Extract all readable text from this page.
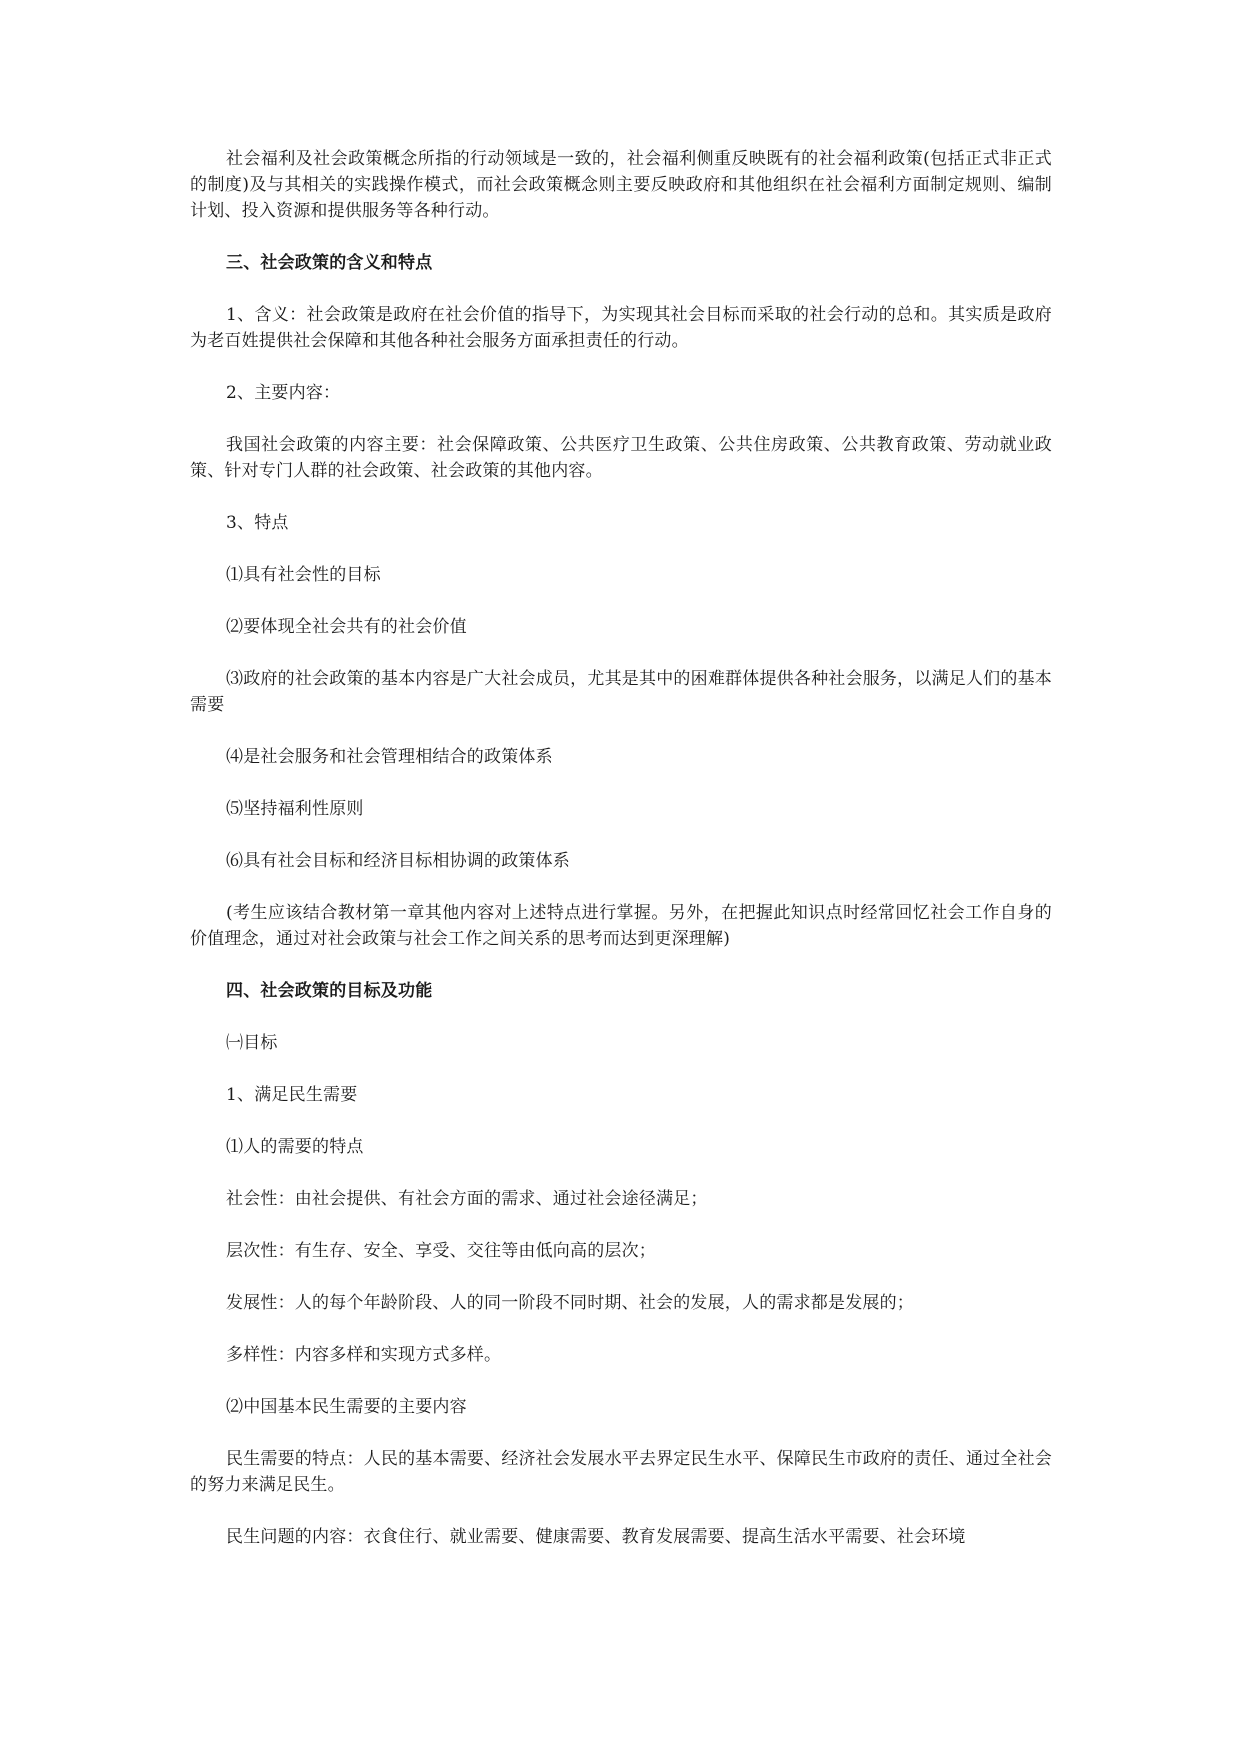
社会福利及社会政策概念所指的行动领域是一致的，社会福利侧重反映既有的社会福利政策(包括正式非正式的制度)及与其相关的实践操作模式，而社会政策概念则主要反映政府和其他组织在社会福利方面制定规则、编制计划、投入资源和提供服务等各种行动。

三、社会政策的含义和特点

1、含义：社会政策是政府在社会价值的指导下，为实现其社会目标而采取的社会行动的总和。其实质是政府为老百姓提供社会保障和其他各种社会服务方面承担责任的行动。

2、主要内容：

我国社会政策的内容主要：社会保障政策、公共医疗卫生政策、公共住房政策、公共教育政策、劳动就业政策、针对专门人群的社会政策、社会政策的其他内容。

3、特点

⑴具有社会性的目标

⑵要体现全社会共有的社会价值

⑶政府的社会政策的基本内容是广大社会成员，尤其是其中的困难群体提供各种社会服务，以满足人们的基本需要

⑷是社会服务和社会管理相结合的政策体系

⑸坚持福利性原则

⑹具有社会目标和经济目标相协调的政策体系

(考生应该结合教材第一章其他内容对上述特点进行掌握。另外，在把握此知识点时经常回忆社会工作自身的价值理念，通过对社会政策与社会工作之间关系的思考而达到更深理解)

四、社会政策的目标及功能

㈠目标

1、满足民生需要

⑴人的需要的特点

社会性：由社会提供、有社会方面的需求、通过社会途径满足；

层次性：有生存、安全、享受、交往等由低向高的层次；

发展性：人的每个年龄阶段、人的同一阶段不同时期、社会的发展，人的需求都是发展的；

多样性：内容多样和实现方式多样。

⑵中国基本民生需要的主要内容

民生需要的特点：人民的基本需要、经济社会发展水平去界定民生水平、保障民生市政府的责任、通过全社会的努力来满足民生。

民生问题的内容：衣食住行、就业需要、健康需要、教育发展需要、提高生活水平需要、社会环境
